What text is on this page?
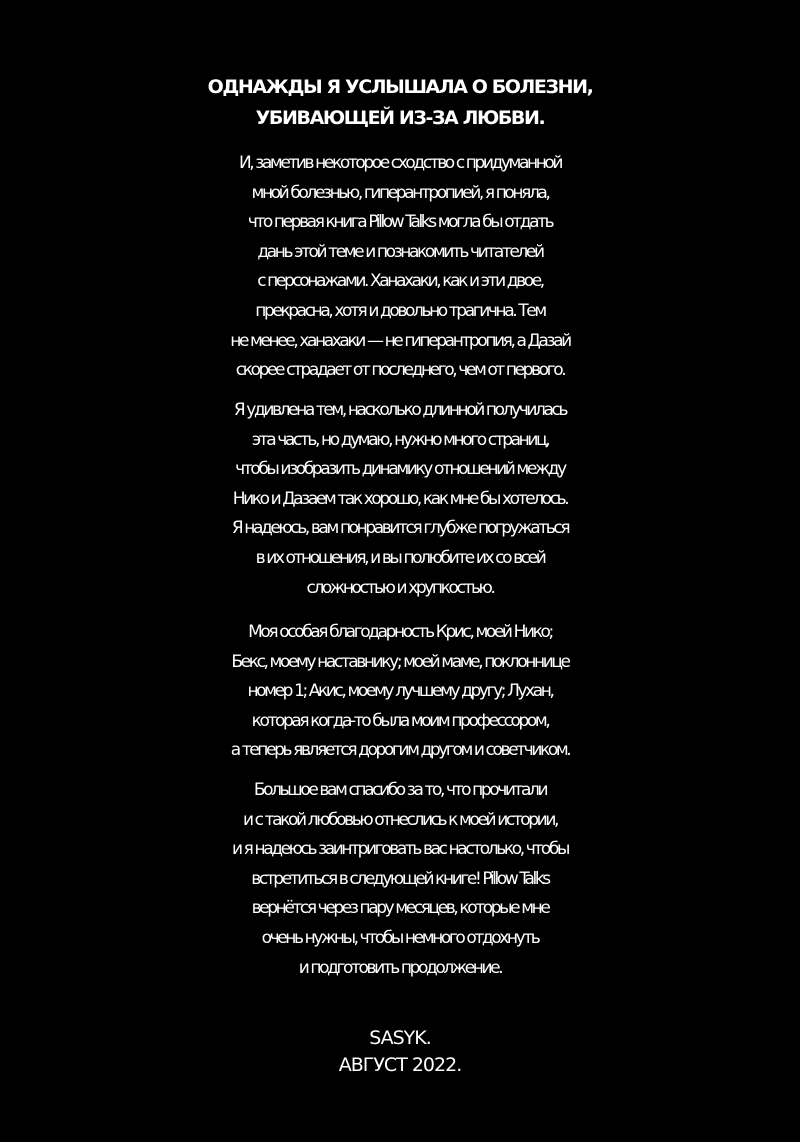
ОДНАЖДЫ Я УСЛЫШАЛА О БОЛЕЗНИ,
УБИВАЮЩЕЙ ИЗ-ЗА ЛЮБВИ.
И, заметив некоторое сходство с придуманной
мной болезнью, гиперантропией, я поняла,
что первая книга Pillow Talks могла бы отдать
дань этой теме и познакомить читателей
с персонажами. Ханахаки, как и эти двое,
прекрасна, хотя и довольно трагична. Тем
не менее, ханахаки — не гиперантропия, а Дазай
скорее страдает от последнего, чем от первого.
Я удивлена тем, насколько длинной получилась
эта часть, но думаю, нужно много страниц,
чтобы изобразить динамику отношений между
Нико и Дазаем так хорошо, как мне бы хотелось.
Я надеюсь, вам понравится глубже погружаться
в их отношения, и вы полюбите их со всей
сложностью и хрупкостью.
Моя особая благодарность Крис, моей Нико;
Бекс, моему наставнику; моей маме, поклоннице
номер 1; Акис, моему лучшему другу; Лухан,
которая когда-то была моим профессором,
а теперь является дорогим другом и советчиком.
Большое вам спасибо за то, что прочитали
и с такой любовью отнеслись к моей истории,
и я надеюсь заинтриговать вас настолько, чтобы
встретиться в следующей книге! Pillow Talks
вернётся через пару месяцев, которые мне
очень нужны, чтобы немного отдохнуть
и подготовить продолжение.
SASYK.
АВГУСТ 2022.
